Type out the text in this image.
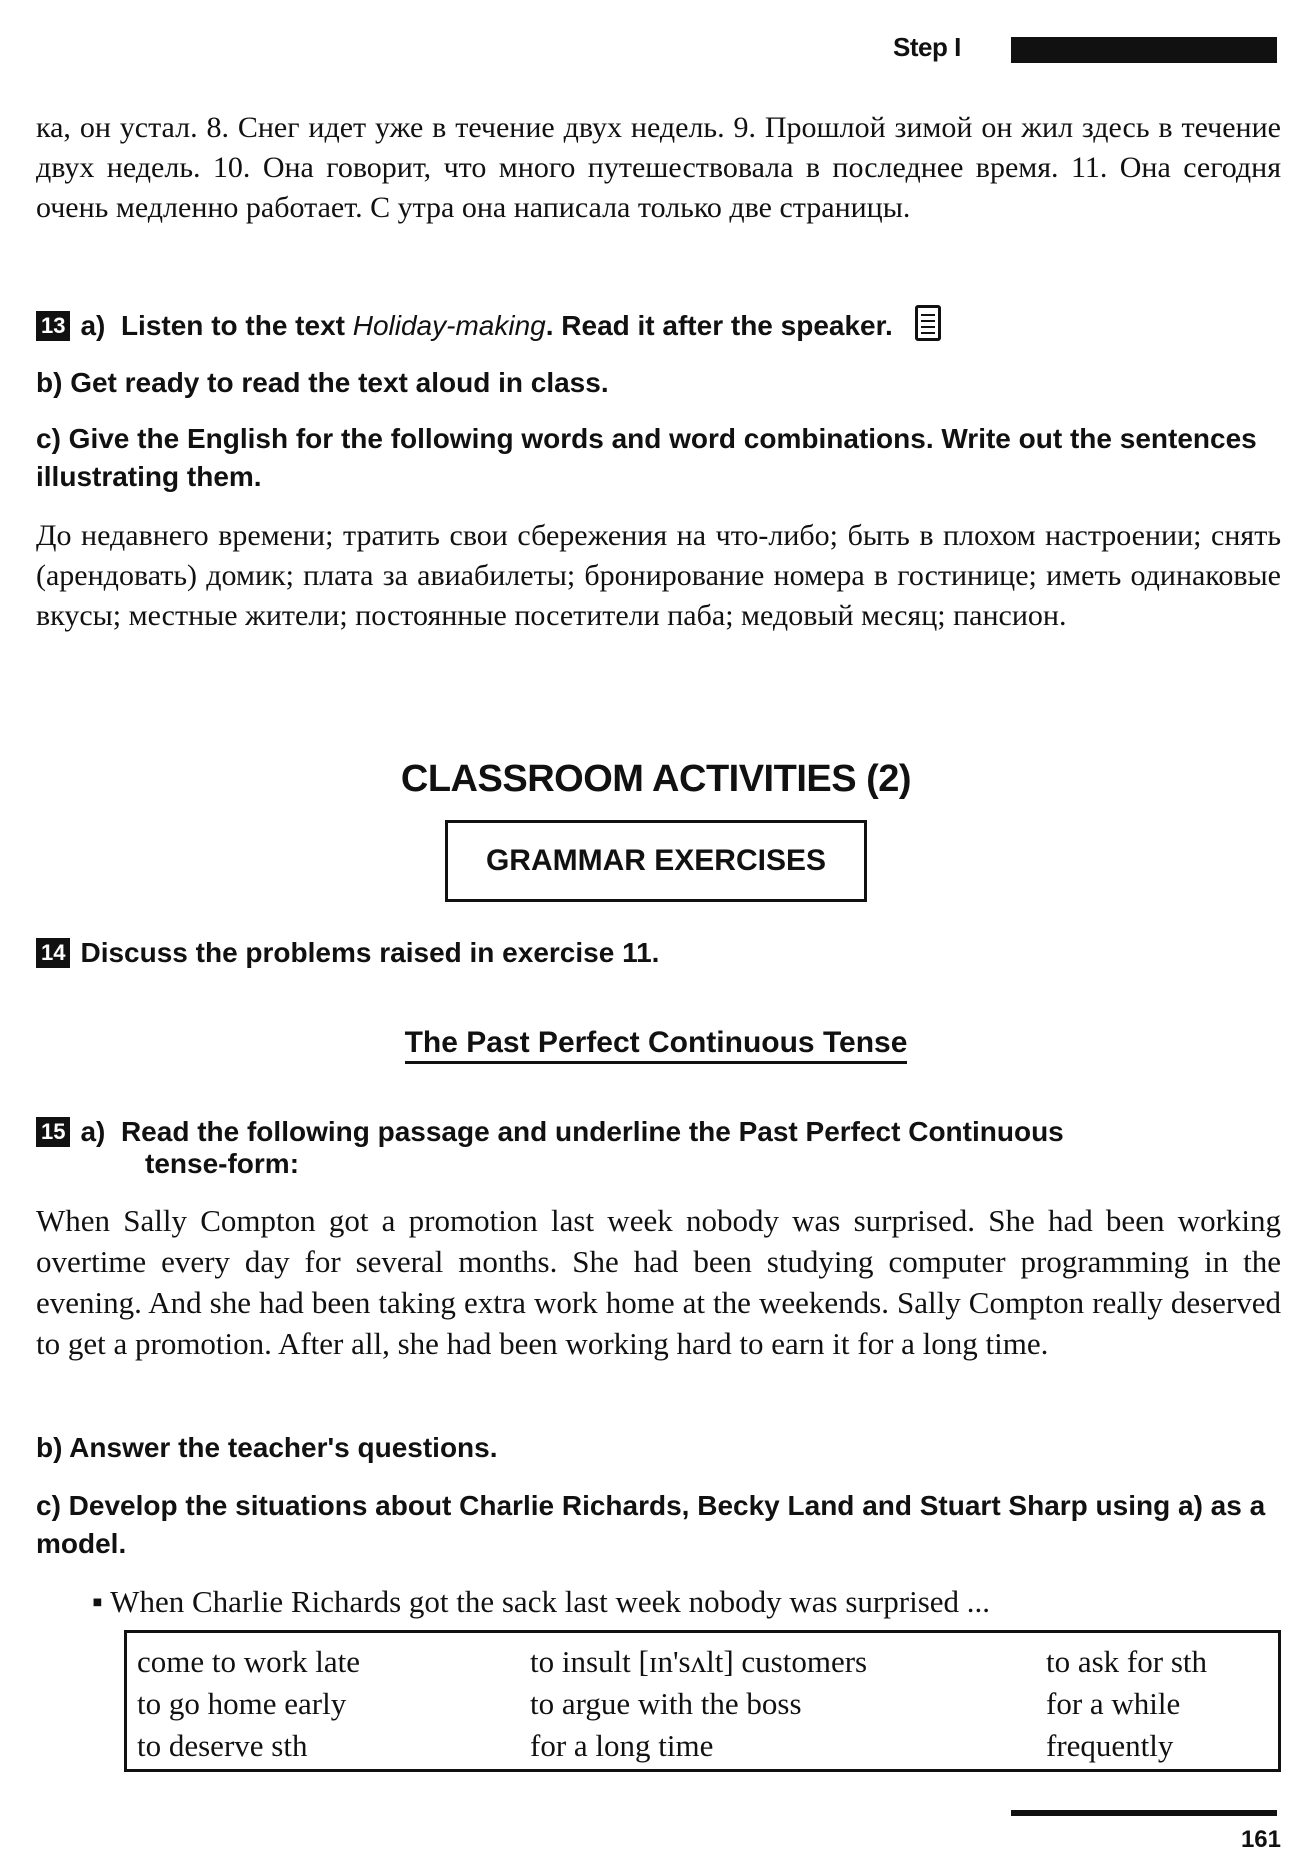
Step I

ка, он устал. 8. Снег идет уже в течение двух недель. 9. Прошлой зимой он жил здесь в течение двух недель. 10. Она говорит, что много путешествовала в последнее время. 11. Она сегодня очень медленно работает. С утра она написала только две страницы.

13 a) Listen to the text Holiday-making. Read it after the speaker.
b) Get ready to read the text aloud in class.
c) Give the English for the following words and word combinations. Write out the sentences illustrating them.

До недавнего времени; тратить свои сбережения на что-либо; быть в плохом настроении; снять (арендовать) домик; плата за авиабилеты; бронирование номера в гостинице; иметь одинаковые вкусы; местные жители; постоянные посетители паба; медовый месяц; пансион.

CLASSROOM ACTIVITIES (2)
GRAMMAR EXERCISES
14 Discuss the problems raised in exercise 11.
The Past Perfect Continuous Tense
15 a) Read the following passage and underline the Past Perfect Continuous
tense-form:
When Sally Compton got a promotion last week nobody was surprised. She had been working overtime every day for several months. She had been studying computer programming in the evening. And she had been taking extra work home at the weekends. Sally Compton really deserved to get a promotion. After all, she had been working hard to earn it for a long time.
b) Answer the teacher's questions.
c) Develop the situations about Charlie Richards, Becky Land and Stuart Sharp using a) as a model.
▪ When Charlie Richards got the sack last week nobody was surprised ...
come to work late
to go home early
to deserve sth
to insult [ɪn'sʌlt] customers
to argue with the boss
for a long time
to ask for sth
for a while
frequently
161
